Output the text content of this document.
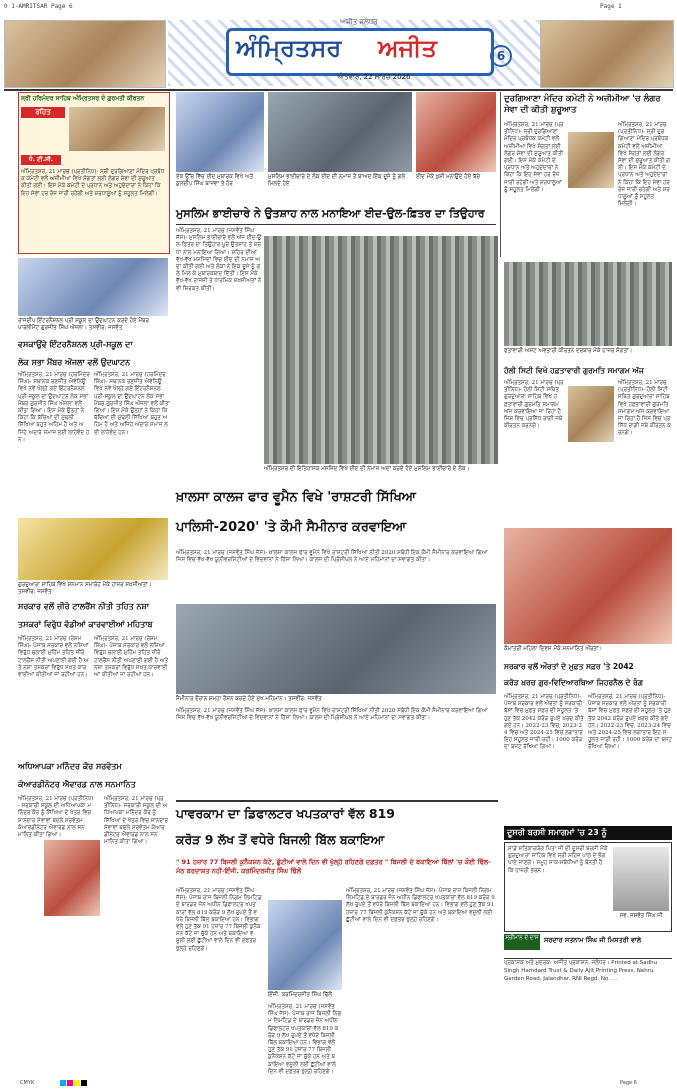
0 1-AMRITSAR Page 6	Page 1
ਅਜੀਤ ਜਲੰਧਰ
ਅੰਮ੍ਰਿਤਸਰ ਅਜੀਤ
ਐਤਵਾਰ, 22 ਮਾਰਚ 2026
6
ਸ੍ਰੀ ਹਰਿਮੰਦਰ ਸਾਹਿਬ ਅੰਮ੍ਰਿਤਸਰ ਦੇ ਗੁਰਮਤੀ ਕੀਰਤਨ
ਰਹਿਤ
ਧੰ. ਟੀ.ਸੀ.
ਅੰਮ੍ਰਿਤਸਰ, 21 ਮਾਰਚ (ਪ੍ਰਤੀਨਿਧ)- ਸ੍ਰੀ ਦੁਰਗਿਆਣਾ ਮੰਦਿਰ ਪ੍ਰਬੰਧਕ ਕਮੇਟੀ ਵਲੋਂ ਅਜ਼ੀਮੀਆ ਵਿਖੇ ਸੰਗਤਾਂ ਲਈ ਲੰਗਰ ਸੇਵਾ ਦੀ ਸ਼ੁਰੂਆਤ ਕੀਤੀ ਗਈ। ਇਸ ਮੌਕੇ ਕਮੇਟੀ ਦੇ ਪ੍ਰਧਾਨ ਅਤੇ ਅਹੁਦੇਦਾਰਾਂ ਨੇ ਕਿਹਾ ਕਿ ਇਹ ਸੇਵਾ ਹਰ ਰੋਜ਼ ਜਾਰੀ ਰਹੇਗੀ ਅਤੇ ਸ਼ਰਧਾਲੂਆਂ ਨੂੰ ਸਹੂਲਤ ਮਿਲੇਗੀ।
ਏਕ ਉੱਚ ਵਿੱਚ ਈਦ ਮੁਬਾਰਕ ਵਿਖੇ ਅਤੇ ਕੁਲਦੀਪ ਸਿੰਘ ਬਾਜਵਾ ਤੇ ਹੋਰ
ਮੁਸਲਿਮ ਭਾਈਚਾਰੇ ਦੇ ਲੋਕ ਈਦ ਦੀ ਨਮਾਜ਼ ਤੋਂ ਬਾਅਦ ਇੱਕ ਦੂਜੇ ਨੂੰ ਗਲੇ ਮਿਲਦੇ ਹੋਏ
ਈਦ ਮੌਕੇ ਖੁਸ਼ੀ ਮਨਾਉਂਦੇ ਹੋਏ ਬੱਚੇ
ਦੁਰਗਿਆਣਾ ਮੰਦਿਰ ਕਮੇਟੀ ਨੇ ਅਜ਼ੀਮੀਆ 'ਚ ਲੰਗਰ ਸੇਵਾ ਦੀ ਕੀਤੀ ਸ਼ੁਰੂਆਤ
ਅੰਮ੍ਰਿਤਸਰ, 21 ਮਾਰਚ (ਪ੍ਰਤੀਨਿਧ)- ਸ੍ਰੀ ਦੁਰਗਿਆਣਾ ਮੰਦਿਰ ਪ੍ਰਬੰਧਕ ਕਮੇਟੀ ਵਲੋਂ ਅਜ਼ੀਮੀਆ ਵਿਖੇ ਸੰਗਤਾਂ ਲਈ ਲੰਗਰ ਸੇਵਾ ਦੀ ਸ਼ੁਰੂਆਤ ਕੀਤੀ ਗਈ। ਇਸ ਮੌਕੇ ਕਮੇਟੀ ਦੇ ਪ੍ਰਧਾਨ ਅਤੇ ਅਹੁਦੇਦਾਰਾਂ ਨੇ ਕਿਹਾ ਕਿ ਇਹ ਸੇਵਾ ਹਰ ਰੋਜ਼ ਜਾਰੀ ਰਹੇਗੀ ਅਤੇ ਸ਼ਰਧਾਲੂਆਂ ਨੂੰ ਸਹੂਲਤ ਮਿਲੇਗੀ।
ਅੰਮ੍ਰਿਤਸਰ, 21 ਮਾਰਚ (ਪ੍ਰਤੀਨਿਧ)- ਸ੍ਰੀ ਦੁਰਗਿਆਣਾ ਮੰਦਿਰ ਪ੍ਰਬੰਧਕ ਕਮੇਟੀ ਵਲੋਂ ਅਜ਼ੀਮੀਆ ਵਿਖੇ ਸੰਗਤਾਂ ਲਈ ਲੰਗਰ ਸੇਵਾ ਦੀ ਸ਼ੁਰੂਆਤ ਕੀਤੀ ਗਈ। ਇਸ ਮੌਕੇ ਕਮੇਟੀ ਦੇ ਪ੍ਰਧਾਨ ਅਤੇ ਅਹੁਦੇਦਾਰਾਂ ਨੇ ਕਿਹਾ ਕਿ ਇਹ ਸੇਵਾ ਹਰ ਰੋਜ਼ ਜਾਰੀ ਰਹੇਗੀ ਅਤੇ ਸ਼ਰਧਾਲੂਆਂ ਨੂੰ ਸਹੂਲਤ ਮਿਲੇਗੀ।
ਮੁਸਲਿਮ ਭਾਈਚਾਰੇ ਨੇ ਉਤਸ਼ਾਹ ਨਾਲ ਮਨਾਇਆ ਈਦ-ਉਲ-ਫ਼ਿਤਰ ਦਾ ਤਿਉਹਾਰ
ਅੰਮ੍ਰਿਤਸਰ, 21 ਮਾਰਚ (ਜਸਵੰਤ ਸਿੰਘ ਜੱਸ)- ਮੁਸਲਿਮ ਭਾਈਚਾਰੇ ਵਲੋਂ ਅੱਜ ਈਦ-ਉਲ-ਫ਼ਿਤਰ ਦਾ ਤਿਉਹਾਰ ਪੂਰੇ ਉਤਸ਼ਾਹ ਤੇ ਸ਼ਰਧਾ ਨਾਲ ਮਨਾਇਆ ਗਿਆ। ਸ਼ਹਿਰ ਦੀਆਂ ਵੱਖ-ਵੱਖ ਮਸਜਿਦਾਂ ਵਿਚ ਈਦ ਦੀ ਨਮਾਜ਼ ਅਦਾ ਕੀਤੀ ਗਈ ਅਤੇ ਲੋਕਾਂ ਨੇ ਇਕ ਦੂਜੇ ਨੂੰ ਗਲੇ ਮਿਲ ਕੇ ਮੁਬਾਰਕਬਾਦ ਦਿੱਤੀ। ਇਸ ਮੌਕੇ ਵੱਖ-ਵੱਖ ਰਾਜਸੀ ਤੇ ਧਾਰਮਿਕ ਸ਼ਖ਼ਸੀਅਤਾਂ ਨੇ ਵੀ ਸ਼ਿਰਕਤ ਕੀਤੀ।
ਅੰਮ੍ਰਿਤਸਰ ਦੀ ਇਤਿਹਾਸਕ ਮਸਜਿਦ ਵਿਖੇ ਈਦ ਦੀ ਨਮਾਜ਼ ਅਦਾ ਕਰਦੇ ਹੋਏ ਮੁਸਲਿਮ ਭਾਈਚਾਰੇ ਦੇ ਲੋਕ।
ਰਾਜਦੀਪ ਇੰਟਰਨੈਸ਼ਨਲ ਪ੍ਰੀ ਸਕੂਲ ਦਾ ਉਦਘਾਟਨ ਕਰਦੇ ਹੋਏ ਮੈਂਬਰ ਪਾਰਲੀਮੈਂਟ ਗੁਰਜੀਤ ਸਿੰਘ ਔਜਲਾ। ਤਸਵੀਰ: ਜਸਵੰਤ
ਵਸਕਾਉਂਵੇ ਇੰਟਰਨੈਸ਼ਨਲ ਪ੍ਰੀ-ਸਕੂਲ ਦਾ
ਲੋਕ ਸਭਾ ਮੈਂਬਰ ਔਜਲਾ ਵਲੋਂ ਉਦਘਾਟਨ
ਅੰਮ੍ਰਿਤਸਰ, 21 ਮਾਰਚ (ਹਰਮਿੰਦਰ ਸਿੰਘ)- ਸਥਾਨਕ ਰਣਜੀਤ ਐਵੇਨਿਊ ਵਿਖੇ ਨਵੇਂ ਖੋਲ੍ਹੇ ਗਏ ਇੰਟਰਨੈਸ਼ਨਲ ਪ੍ਰੀ-ਸਕੂਲ ਦਾ ਉਦਘਾਟਨ ਲੋਕ ਸਭਾ ਮੈਂਬਰ ਗੁਰਜੀਤ ਸਿੰਘ ਔਜਲਾ ਵਲੋਂ ਕੀਤਾ ਗਿਆ। ਇਸ ਮੌਕੇ ਉਨ੍ਹਾਂ ਨੇ ਕਿਹਾ ਕਿ ਬੱਚਿਆਂ ਦੀ ਮੁੱਢਲੀ ਸਿੱਖਿਆ ਬਹੁਤ ਅਹਿਮ ਹੈ ਅਤੇ ਅਜਿਹੇ ਅਦਾਰੇ ਸਮਾਜ ਲਈ ਲਾਹੇਵੰਦ ਹਨ।
ਅੰਮ੍ਰਿਤਸਰ, 21 ਮਾਰਚ (ਹਰਮਿੰਦਰ ਸਿੰਘ)- ਸਥਾਨਕ ਰਣਜੀਤ ਐਵੇਨਿਊ ਵਿਖੇ ਨਵੇਂ ਖੋਲ੍ਹੇ ਗਏ ਇੰਟਰਨੈਸ਼ਨਲ ਪ੍ਰੀ-ਸਕੂਲ ਦਾ ਉਦਘਾਟਨ ਲੋਕ ਸਭਾ ਮੈਂਬਰ ਗੁਰਜੀਤ ਸਿੰਘ ਔਜਲਾ ਵਲੋਂ ਕੀਤਾ ਗਿਆ। ਇਸ ਮੌਕੇ ਉਨ੍ਹਾਂ ਨੇ ਕਿਹਾ ਕਿ ਬੱਚਿਆਂ ਦੀ ਮੁੱਢਲੀ ਸਿੱਖਿਆ ਬਹੁਤ ਅਹਿਮ ਹੈ ਅਤੇ ਅਜਿਹੇ ਅਦਾਰੇ ਸਮਾਜ ਲਈ ਲਾਹੇਵੰਦ ਹਨ।
ਫਤਾਵਾੜੀ ਅਸ਼ਟ ਅਵਤਾਰੀ ਕੀਰਤਨ ਦਰਬਾਰ ਮੌਕੇ ਹਾਜ਼ਰ ਸੰਗਤਾਂ।
ਹੋਲੀ ਸਿਟੀ ਵਿਖੇ ਹਫ਼ਤਾਵਾਰੀ ਗੁਰਮਤਿ ਸਮਾਗਮ ਅੱਜ
ਅੰਮ੍ਰਿਤਸਰ, 21 ਮਾਰਚ (ਪ੍ਰਤੀਨਿਧ)- ਹੋਲੀ ਸਿਟੀ ਸਥਿਤ ਗੁਰਦੁਆਰਾ ਸਾਹਿਬ ਵਿਖੇ ਹਫ਼ਤਾਵਾਰੀ ਗੁਰਮਤਿ ਸਮਾਗਮ ਅੱਜ ਕਰਵਾਇਆ ਜਾ ਰਿਹਾ ਹੈ ਜਿਸ ਵਿਚ ਪ੍ਰਸਿੱਧ ਰਾਗੀ ਜਥੇ ਕੀਰਤਨ ਕਰਨਗੇ।
ਅੰਮ੍ਰਿਤਸਰ, 21 ਮਾਰਚ (ਪ੍ਰਤੀਨਿਧ)- ਹੋਲੀ ਸਿਟੀ ਸਥਿਤ ਗੁਰਦੁਆਰਾ ਸਾਹਿਬ ਵਿਖੇ ਹਫ਼ਤਾਵਾਰੀ ਗੁਰਮਤਿ ਸਮਾਗਮ ਅੱਜ ਕਰਵਾਇਆ ਜਾ ਰਿਹਾ ਹੈ ਜਿਸ ਵਿਚ ਪ੍ਰਸਿੱਧ ਰਾਗੀ ਜਥੇ ਕੀਰਤਨ ਕਰਨਗੇ।
ਖ਼ਾਲਸਾ ਕਾਲਜ ਫਾਰ ਵੂਮੈਨ ਵਿਖੇ 'ਰਾਸ਼ਟਰੀ ਸਿੱਖਿਆ
ਪਾਲਿਸੀ-2020' 'ਤੇ ਕੌਮੀ ਸੈਮੀਨਾਰ ਕਰਵਾਇਆ
ਅੰਮ੍ਰਿਤਸਰ, 21 ਮਾਰਚ (ਜਸਵੰਤ ਸਿੰਘ ਜੱਸ)- ਖ਼ਾਲਸਾ ਕਾਲਜ ਫਾਰ ਵੂਮੈਨ ਵਿਖੇ ਰਾਸ਼ਟਰੀ ਸਿੱਖਿਆ ਨੀਤੀ 2020 ਸਬੰਧੀ ਇਕ ਕੌਮੀ ਸੈਮੀਨਾਰ ਕਰਵਾਇਆ ਗਿਆ ਜਿਸ ਵਿਚ ਵੱਖ-ਵੱਖ ਯੂਨੀਵਰਸਿਟੀਆਂ ਦੇ ਵਿਦਵਾਨਾਂ ਨੇ ਹਿੱਸਾ ਲਿਆ। ਕਾਲਜ ਦੀ ਪ੍ਰਿੰਸੀਪਲ ਨੇ ਆਏ ਮਹਿਮਾਨਾਂ ਦਾ ਸਵਾਗਤ ਕੀਤਾ।
ਸੈਮੀਨਾਰ ਦੌਰਾਨ ਸ਼ਮ੍ਹਾ ਰੌਸ਼ਨ ਕਰਦੇ ਹੋਏ ਮੁੱਖ ਮਹਿਮਾਨ। ਤਸਵੀਰ: ਜਸਵੰਤ
ਅੰਮ੍ਰਿਤਸਰ, 21 ਮਾਰਚ (ਜਸਵੰਤ ਸਿੰਘ ਜੱਸ)- ਖ਼ਾਲਸਾ ਕਾਲਜ ਫਾਰ ਵੂਮੈਨ ਵਿਖੇ ਰਾਸ਼ਟਰੀ ਸਿੱਖਿਆ ਨੀਤੀ 2020 ਸਬੰਧੀ ਇਕ ਕੌਮੀ ਸੈਮੀਨਾਰ ਕਰਵਾਇਆ ਗਿਆ ਜਿਸ ਵਿਚ ਵੱਖ-ਵੱਖ ਯੂਨੀਵਰਸਿਟੀਆਂ ਦੇ ਵਿਦਵਾਨਾਂ ਨੇ ਹਿੱਸਾ ਲਿਆ। ਕਾਲਜ ਦੀ ਪ੍ਰਿੰਸੀਪਲ ਨੇ ਆਏ ਮਹਿਮਾਨਾਂ ਦਾ ਸਵਾਗਤ ਕੀਤਾ।
ਗੁਰਦੁਆਰਾ ਸਾਹਿਬ ਵਿਖੇ ਸਨਮਾਨ ਸਮਾਰੋਹ ਮੌਕੇ ਹਾਜ਼ਰ ਸ਼ਖ਼ਸੀਅਤਾਂ। ਤਸਵੀਰ: ਜਸਵੰਤ
ਸਰਕਾਰ ਵਲੋਂ ਜ਼ੀਰੋ ਟਾਲਰੈਂਸ ਨੀਤੀ ਤਹਿਤ ਨਸ਼ਾ
ਤਸਕਰਾਂ ਵਿਰੁੱਧ ਵੱਡੀਆਂ ਕਾਰਵਾਈਆਂ ਮਹਿਤਾਬ
ਅੰਮ੍ਰਿਤਸਰ, 21 ਮਾਰਚ (ਰੇਸ਼ਮ ਸਿੰਘ)- ਪੰਜਾਬ ਸਰਕਾਰ ਵਲੋਂ ਨਸ਼ਿਆਂ ਵਿਰੁੱਧ ਚਲਾਈ ਮੁਹਿੰਮ ਤਹਿਤ ਜ਼ੀਰੋ ਟਾਲਰੈਂਸ ਨੀਤੀ ਅਪਣਾਈ ਗਈ ਹੈ ਅਤੇ ਨਸ਼ਾ ਤਸਕਰਾਂ ਵਿਰੁੱਧ ਸਖ਼ਤ ਕਾਰਵਾਈਆਂ ਕੀਤੀਆਂ ਜਾ ਰਹੀਆਂ ਹਨ।
ਅੰਮ੍ਰਿਤਸਰ, 21 ਮਾਰਚ (ਰੇਸ਼ਮ ਸਿੰਘ)- ਪੰਜਾਬ ਸਰਕਾਰ ਵਲੋਂ ਨਸ਼ਿਆਂ ਵਿਰੁੱਧ ਚਲਾਈ ਮੁਹਿੰਮ ਤਹਿਤ ਜ਼ੀਰੋ ਟਾਲਰੈਂਸ ਨੀਤੀ ਅਪਣਾਈ ਗਈ ਹੈ ਅਤੇ ਨਸ਼ਾ ਤਸਕਰਾਂ ਵਿਰੁੱਧ ਸਖ਼ਤ ਕਾਰਵਾਈਆਂ ਕੀਤੀਆਂ ਜਾ ਰਹੀਆਂ ਹਨ।
ਅਧਿਆਪਕਾ ਮਨਿੰਦਰ ਕੌਰ ਸਰਵੋਤਮ
ਕੋਆਰਡੀਨੇਟਰ ਐਵਾਰਡ ਨਾਲ ਸਨਮਾਨਿਤ
ਅੰਮ੍ਰਿਤਸਰ, 21 ਮਾਰਚ (ਪ੍ਰਤੀਨਿਧ)- ਸਰਕਾਰੀ ਸਕੂਲ ਦੀ ਅਧਿਆਪਕਾ ਮਨਿੰਦਰ ਕੌਰ ਨੂੰ ਸਿੱਖਿਆ ਦੇ ਖੇਤਰ ਵਿਚ ਸ਼ਾਨਦਾਰ ਸੇਵਾਵਾਂ ਬਦਲੇ ਸਰਵੋਤਮ ਕੋਆਰਡੀਨੇਟਰ ਐਵਾਰਡ ਨਾਲ ਸਨਮਾਨਿਤ ਕੀਤਾ ਗਿਆ।
ਅੰਮ੍ਰਿਤਸਰ, 21 ਮਾਰਚ (ਪ੍ਰਤੀਨਿਧ)- ਸਰਕਾਰੀ ਸਕੂਲ ਦੀ ਅਧਿਆਪਕਾ ਮਨਿੰਦਰ ਕੌਰ ਨੂੰ ਸਿੱਖਿਆ ਦੇ ਖੇਤਰ ਵਿਚ ਸ਼ਾਨਦਾਰ ਸੇਵਾਵਾਂ ਬਦਲੇ ਸਰਵੋਤਮ ਕੋਆਰਡੀਨੇਟਰ ਐਵਾਰਡ ਨਾਲ ਸਨਮਾਨਿਤ ਕੀਤਾ ਗਿਆ।
ਕੌਮਾਂਤਰੀ ਮਹਿਲਾ ਦਿਵਸ ਮੌਕੇ ਸਨਮਾਨਿਤ ਔਰਤਾਂ।
ਸਰਕਾਰ ਵਲੋਂ ਔਰਤਾਂ ਦੇ ਮੁਫ਼ਤ ਸਫ਼ਰ 'ਤੇ 2042
ਕਰੋੜ ਖ਼ਰਚ ਗੁਰ-ਵਿਦਿਆਰਥਿਆ ਜਿਹਰਨੈਲ ਦੇ ਰੰਗ
ਅੰਮ੍ਰਿਤਸਰ, 21 ਮਾਰਚ (ਪ੍ਰਤੀਨਿਧ)- ਪੰਜਾਬ ਸਰਕਾਰ ਵਲੋਂ ਔਰਤਾਂ ਨੂੰ ਸਰਕਾਰੀ ਬੱਸਾਂ ਵਿਚ ਮੁਫ਼ਤ ਸਫ਼ਰ ਦੀ ਸਹੂਲਤ 'ਤੇ ਹੁਣ ਤੱਕ 2042 ਕਰੋੜ ਰੁਪਏ ਖ਼ਰਚ ਕੀਤੇ ਗਏ ਹਨ। 2022-23 ਵਿਚ, 2023-24 ਵਿਚ ਅਤੇ 2024-25 ਵਿਚ ਲਗਾਤਾਰ ਇਹ ਸਹੂਲਤ ਜਾਰੀ ਰਹੀ। 1000 ਕਰੋੜ ਦਾ ਬਜਟ ਰੱਖਿਆ ਗਿਆ।
ਅੰਮ੍ਰਿਤਸਰ, 21 ਮਾਰਚ (ਪ੍ਰਤੀਨਿਧ)- ਪੰਜਾਬ ਸਰਕਾਰ ਵਲੋਂ ਔਰਤਾਂ ਨੂੰ ਸਰਕਾਰੀ ਬੱਸਾਂ ਵਿਚ ਮੁਫ਼ਤ ਸਫ਼ਰ ਦੀ ਸਹੂਲਤ 'ਤੇ ਹੁਣ ਤੱਕ 2042 ਕਰੋੜ ਰੁਪਏ ਖ਼ਰਚ ਕੀਤੇ ਗਏ ਹਨ। 2022-23 ਵਿਚ, 2023-24 ਵਿਚ ਅਤੇ 2024-25 ਵਿਚ ਲਗਾਤਾਰ ਇਹ ਸਹੂਲਤ ਜਾਰੀ ਰਹੀ। 1000 ਕਰੋੜ ਦਾ ਬਜਟ ਰੱਖਿਆ ਗਿਆ।
ਪਾਵਰਕਾਮ ਦਾ ਡਿਫਾਲਟਰ ਖਪਤਕਾਰਾਂ ਵੱਲ 819
ਕਰੋੜ 9 ਲੱਖ ਤੋਂ ਵਧੇਰੇ ਬਿਜਲੀ ਬਿੱਲ ਬਕਾਇਆ
" 91 ਹਜ਼ਾਰ 77 ਬਿਜਲੀ ਕੁਨੈਕਸ਼ਨ ਕੱਟੇ, ਛੁੱਟੀਆਂ ਵਾਲੇ ਦਿਨ ਵੀ ਖੁੱਲ੍ਹੇ ਰਹਿਣਗੇ ਦਫ਼ਤਰ " ਬਿਜਲੀ ਦੇ ਬਕਾਇਆ ਬਿੱਲਾਂ 'ਚ ਕੋਈ ਢਿੱਲ-ਮੱਠ ਬਰਦਾਸ਼ਤ ਨਹੀਂ-ਇੰਜੀ. ਕਰਮਿੰਦਰਜੀਤ ਸਿੰਘ ਢਿੱਲੋਂ
ਅੰਮ੍ਰਿਤਸਰ, 21 ਮਾਰਚ (ਜਸਵੰਤ ਸਿੰਘ ਜੱਸ)- ਪੰਜਾਬ ਰਾਜ ਬਿਜਲੀ ਨਿਗਮ ਲਿਮਟਿਡ ਦੇ ਬਾਰਡਰ ਜ਼ੋਨ ਅਧੀਨ ਡਿਫਾਲਟਰ ਖਪਤਕਾਰਾਂ ਵੱਲ 819 ਕਰੋੜ 9 ਲੱਖ ਰੁਪਏ ਤੋਂ ਵਧੇਰੇ ਬਿਜਲੀ ਬਿੱਲ ਬਕਾਇਆ ਹਨ। ਵਿਭਾਗ ਵਲੋਂ ਹੁਣ ਤੱਕ 91 ਹਜ਼ਾਰ 77 ਬਿਜਲੀ ਕੁਨੈਕਸ਼ਨ ਕੱਟੇ ਜਾ ਚੁੱਕੇ ਹਨ ਅਤੇ ਬਕਾਇਆ ਵਸੂਲੀ ਲਈ ਛੁੱਟੀਆਂ ਵਾਲੇ ਦਿਨ ਵੀ ਦਫ਼ਤਰ ਖੁੱਲ੍ਹੇ ਰਹਿਣਗੇ।
ਇੰਜੀ. ਕਰਮਿੰਦਰਜੀਤ ਸਿੰਘ ਢਿੱਲੋਂ
ਅੰਮ੍ਰਿਤਸਰ, 21 ਮਾਰਚ (ਜਸਵੰਤ ਸਿੰਘ ਜੱਸ)- ਪੰਜਾਬ ਰਾਜ ਬਿਜਲੀ ਨਿਗਮ ਲਿਮਟਿਡ ਦੇ ਬਾਰਡਰ ਜ਼ੋਨ ਅਧੀਨ ਡਿਫਾਲਟਰ ਖਪਤਕਾਰਾਂ ਵੱਲ 819 ਕਰੋੜ 9 ਲੱਖ ਰੁਪਏ ਤੋਂ ਵਧੇਰੇ ਬਿਜਲੀ ਬਿੱਲ ਬਕਾਇਆ ਹਨ। ਵਿਭਾਗ ਵਲੋਂ ਹੁਣ ਤੱਕ 91 ਹਜ਼ਾਰ 77 ਬਿਜਲੀ ਕੁਨੈਕਸ਼ਨ ਕੱਟੇ ਜਾ ਚੁੱਕੇ ਹਨ ਅਤੇ ਬਕਾਇਆ ਵਸੂਲੀ ਲਈ ਛੁੱਟੀਆਂ ਵਾਲੇ ਦਿਨ ਵੀ ਦਫ਼ਤਰ ਖੁੱਲ੍ਹੇ ਰਹਿਣਗੇ।
ਅੰਮ੍ਰਿਤਸਰ, 21 ਮਾਰਚ (ਜਸਵੰਤ ਸਿੰਘ ਜੱਸ)- ਪੰਜਾਬ ਰਾਜ ਬਿਜਲੀ ਨਿਗਮ ਲਿਮਟਿਡ ਦੇ ਬਾਰਡਰ ਜ਼ੋਨ ਅਧੀਨ ਡਿਫਾਲਟਰ ਖਪਤਕਾਰਾਂ ਵੱਲ 819 ਕਰੋੜ 9 ਲੱਖ ਰੁਪਏ ਤੋਂ ਵਧੇਰੇ ਬਿਜਲੀ ਬਿੱਲ ਬਕਾਇਆ ਹਨ। ਵਿਭਾਗ ਵਲੋਂ ਹੁਣ ਤੱਕ 91 ਹਜ਼ਾਰ 77 ਬਿਜਲੀ ਕੁਨੈਕਸ਼ਨ ਕੱਟੇ ਜਾ ਚੁੱਕੇ ਹਨ ਅਤੇ ਬਕਾਇਆ ਵਸੂਲੀ ਲਈ ਛੁੱਟੀਆਂ ਵਾਲੇ ਦਿਨ ਵੀ ਦਫ਼ਤਰ ਖੁੱਲ੍ਹੇ ਰਹਿਣਗੇ।
ਦੂਸਰੀ ਬਰਸੀ ਸਮਾਗਮਾਂ 'ਚ 23 ਨੂੰ
ਸਾਡੇ ਸਤਿਕਾਰਯੋਗ ਪਿਤਾ ਜੀ ਦੀ ਦੂਸਰੀ ਬਰਸੀ ਮੌਕੇ ਗੁਰਦੁਆਰਾ ਸਾਹਿਬ ਵਿਖੇ ਸ੍ਰੀ ਸਹਿਜ ਪਾਠ ਦੇ ਭੋਗ ਪਾਏ ਜਾਣਗੇ। ਸਮੂਹ ਸਾਕ-ਸਬੰਧੀਆਂ ਨੂੰ ਬੇਨਤੀ ਹੈ ਕਿ ਹਾਜ਼ਰੀ ਭਰਨ।
ਸਵ. ਜਸਵੰਤ ਸਿੰਘ ਜੀ
ਸ੍ਰੀਮਾਨ ਦੇ ਦਾਸ ਸਰਦਾਰ ਸਤਨਾਮ ਸਿੰਘ ਜੀ ਮਿਸਤਰੀ ਵਾਲੇ
ਪ੍ਰਕਾਸ਼ਕ ਅਤੇ ਮੁਦਰਕ: ਅਜੀਤ ਪ੍ਰਕਾਸ਼ਨ, ਜਲੰਧਰ। Printed at Sadhu Singh Hamdard Trust & Daily Ajit Printing Press, Nehru Garden Road, Jalandhar. RNI Regd. No. ...
CMYK	Page 6
